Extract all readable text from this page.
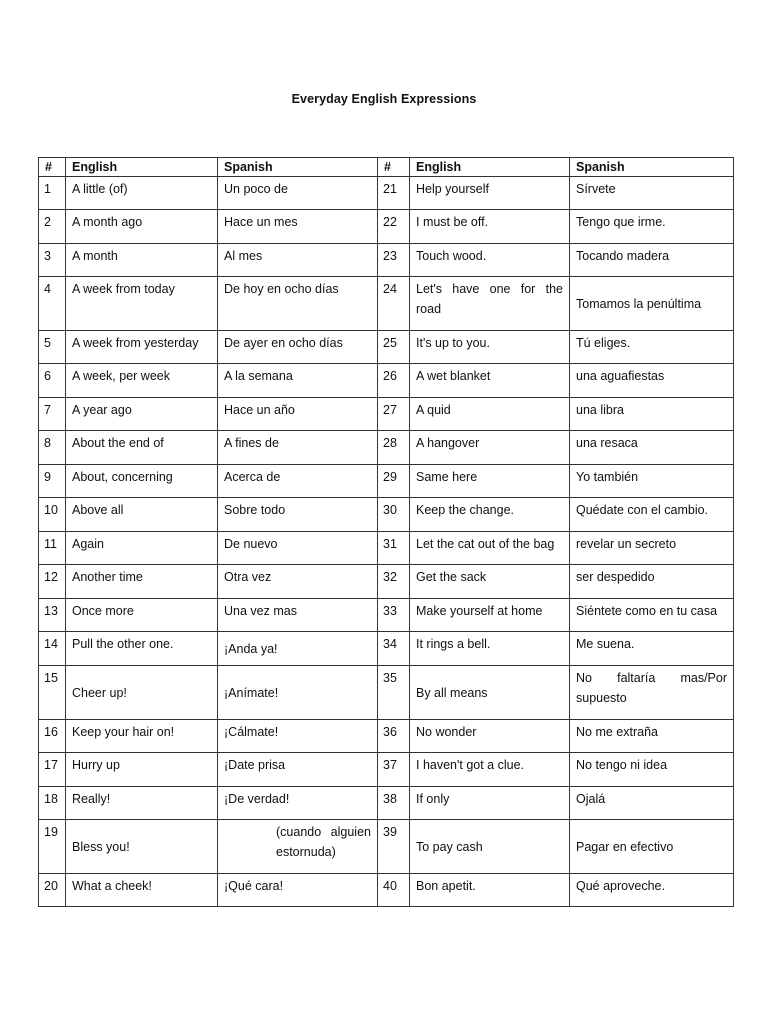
Everyday English Expressions
#	English	Spanish	#	English	Spanish
1	A little (of)	Un poco de	21	Help yourself	Sírvete
2	A month ago	Hace un mes	22	I must be off.	Tengo que irme.
3	A month	Al mes	23	Touch wood.	Tocando madera
4	A week from today	De hoy en ocho días	24	Let's have one for the road	Tomamos la penúltima
5	A week from yesterday	De ayer en ocho días	25	It's up to you.	Tú eliges.
6	A week, per week	A la semana	26	A wet blanket	una aguafiestas
7	A year ago	Hace un año	27	A quid	una libra
8	About the end of	A fines de	28	A hangover	una resaca
9	About, concerning	Acerca de	29	Same here	Yo también
10	Above all	Sobre todo	30	Keep the change.	Quédate con el cambio.
11	Again	De nuevo	31	Let the cat out of the bag	revelar un secreto
12	Another time	Otra vez	32	Get the sack	ser despedido
13	Once more	Una vez mas	33	Make yourself at home	Siéntete como en tu casa
14	Pull the other one.	¡Anda ya!	34	It rings a bell.	Me suena.
15	Cheer up!	¡Anímate!	35	By all means	No faltaría mas/Por supuesto
16	Keep your hair on!	¡Cálmate!	36	No wonder	No me extraña
17	Hurry up	¡Date prisa	37	I haven't got a clue.	No tengo ni idea
18	Really!	¡De verdad!	38	If only	Ojalá
19	Bless you!	(cuando alguien estornuda)	39	To pay cash	Pagar en efectivo
20	What a cheek!	¡Qué cara!	40	Bon apetit.	Qué aproveche.
